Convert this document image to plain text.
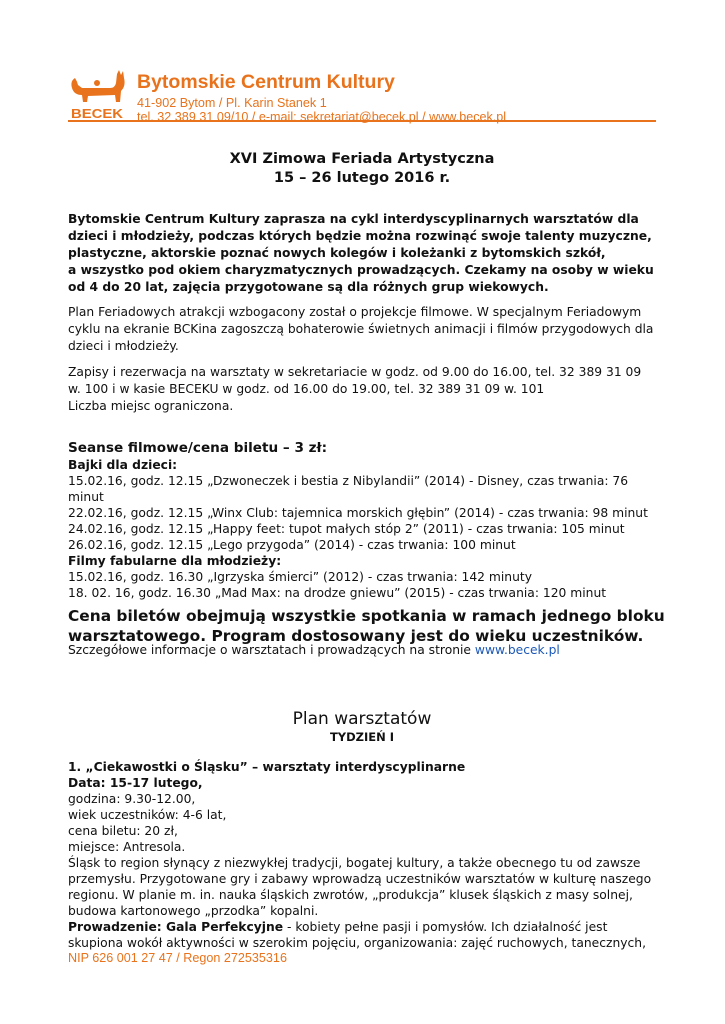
BECEK
Bytomskie Centrum Kultury
41-902 Bytom / Pl. Karin Stanek 1
tel. 32 389 31 09/10 / e-mail: sekretariat@becek.pl / www.becek.pl
XVI Zimowa Feriada Artystyczna
15 – 26 lutego 2016 r.
Bytomskie Centrum Kultury zaprasza na cykl interdyscyplinarnych warsztatów dla
dzieci i młodzieży, podczas których będzie można rozwinąć swoje talenty muzyczne,
plastyczne, aktorskie poznać nowych kolegów i koleżanki z bytomskich szkół,
a wszystko pod okiem charyzmatycznych prowadzących. Czekamy na osoby w wieku
od 4 do 20 lat, zajęcia przygotowane są dla różnych grup wiekowych.
Plan Feriadowych atrakcji wzbogacony został o projekcje filmowe. W specjalnym Feriadowym
cyklu na ekranie BCKina zagoszczą bohaterowie świetnych animacji i filmów przygodowych dla
dzieci i młodzieży.
Zapisy i rezerwacja na warsztaty w sekretariacie w godz. od 9.00 do 16.00, tel. 32 389 31 09
w. 100 i w kasie BECEKU w godz. od 16.00 do 19.00, tel. 32 389 31 09 w. 101
Liczba miejsc ograniczona.
Seanse filmowe/cena biletu – 3 zł:
Bajki dla dzieci:
15.02.16, godz. 12.15 „Dzwoneczek i bestia z Nibylandii” (2014) - Disney, czas trwania: 76
minut
22.02.16, godz. 12.15 „Winx Club: tajemnica morskich głębin” (2014) - czas trwania: 98 minut
24.02.16, godz. 12.15 „Happy feet: tupot małych stóp 2” (2011) - czas trwania: 105 minut
26.02.16, godz. 12.15 „Lego przygoda” (2014) - czas trwania: 100 minut
Filmy fabularne dla młodzieży:
15.02.16, godz. 16.30 „Igrzyska śmierci” (2012) - czas trwania: 142 minuty
18. 02. 16, godz. 16.30 „Mad Max: na drodze gniewu” (2015) - czas trwania: 120 minut
Cena biletów obejmują wszystkie spotkania w ramach jednego bloku
warsztatowego. Program dostosowany jest do wieku uczestników.
Szczegółowe informacje o warsztatach i prowadzących na stronie www.becek.pl
Plan warsztatów
TYDZIEŃ I
1. „Ciekawostki o Śląsku” – warsztaty interdyscyplinarne
Data: 15-17 lutego,
godzina: 9.30-12.00,
wiek uczestników: 4-6 lat,
cena biletu: 20 zł,
miejsce: Antresola.
Śląsk to region słynący z niezwykłej tradycji, bogatej kultury, a także obecnego tu od zawsze
przemysłu. Przygotowane gry i zabawy wprowadzą uczestników warsztatów w kulturę naszego
regionu. W planie m. in. nauka śląskich zwrotów, „produkcja” klusek śląskich z masy solnej,
budowa kartonowego „przodka” kopalni.
Prowadzenie: Gala Perfekcyjne - kobiety pełne pasji i pomysłów. Ich działalność jest
skupiona wokół aktywności w szerokim pojęciu, organizowania: zajęć ruchowych, tanecznych,
NIP 626 001 27 47 / Regon 272535316
